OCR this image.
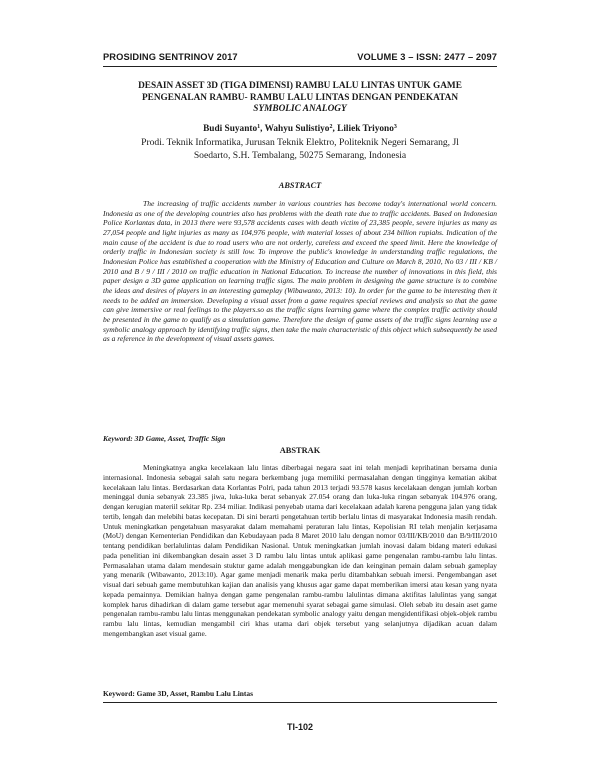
PROSIDING SENTRINOV 2017	VOLUME 3 – ISSN: 2477 – 2097
DESAIN ASSET 3D (TIGA DIMENSI) RAMBU LALU LINTAS UNTUK GAME
PENGENALAN RAMBU- RAMBU LALU LINTAS DENGAN PENDEKATAN
SYMBOLIC ANALOGY
Budi Suyanto$^1$, Wahyu Sulistiyo$^2$, Liliek Triyono$^3$
Prodi. Teknik Informatika, Jurusan Teknik Elektro, Politeknik Negeri Semarang, Jl
Soedarto, S.H. Tembalang, 50275 Semarang, Indonesia
ABSTRACT
The increasing of traffic accidents number in various countries has become today's international world concern. Indonesia as one of the developing countries also has problems with the death rate due to traffic accidents. Based on Indonesian Police Korlantas data, in 2013 there were 93,578 accidents cases with death victim of 23,385 people, severe injuries as many as 27,054 people and light injuries as many as 104,976 people, with material losses of about 234 billion rupiahs. Indication of the main cause of the accident is due to road users who are not orderly, careless and exceed the speed limit. Here the knowledge of orderly traffic in Indonesian society is still low. To improve the public's knowledge in understanding traffic regulations, the Indonesian Police has established a cooperation with the Ministry of Education and Culture on March 8, 2010, No 03 / III / KB / 2010 and B / 9 / III / 2010 on traffic education in National Education. To increase the number of innovations in this field, this paper design a 3D game application on learning traffic signs. The main problem in designing the game structure is to combine the ideas and desires of players in an interesting gameplay (Wibawanto, 2013: 10). In order for the game to be interesting then it needs to be added an immersion. Developing a visual asset from a game requires special reviews and analysis so that the game can give immersive or real feelings to the players.so as the traffic signs learning game where the complex traffic activity should be presented in the game to qualify as a simulation game. Therefore the design of game assets of the traffic signs learning use a symbolic analogy approach by identifying traffic signs, then take the main characteristic of this object which subsequently be used as a reference in the development of visual assets games.
Keyword: 3D Game, Asset, Traffic Sign
ABSTRAK
Meningkatnya angka kecelakaan lalu lintas diberbagai negara saat ini telah menjadi keprihatinan bersama dunia internasional. Indonesia sebagai salah satu negara berkembang juga memiliki permasalahan dengan tingginya kematian akibat kecelakaan lalu lintas. Berdasarkan data Korlantas Polri, pada tahun 2013 terjadi 93.578 kasus kecelakaan dengan jumlah korban meninggal dunia sebanyak 23.385 jiwa, luka-luka berat sebanyak 27.054 orang dan luka-luka ringan sebanyak 104.976 orang, dengan kerugian materiil sekitar Rp. 234 miliar. Indikasi penyebab utama dari kecelakaan adalah karena pengguna jalan yang tidak tertib, lengah dan melebihi batas kecepatan. Di sini berarti pengetahuan tertib berlalu lintas di masyarakat Indonesia masih rendah. Untuk meningkatkan pengetahuan masyarakat dalam memahami peraturan lalu lintas, Kepolisian RI telah menjalin kerjasama (MoU) dengan Kementerian Pendidikan dan Kebudayaan pada 8 Maret 2010 lalu dengan nomor 03/III/KB/2010 dan B/9/III/2010 tentang pendidikan berlalulintas dalam Pendidikan Nasional. Untuk meningkatkan jumlah inovasi dalam bidang materi edukasi pada penelitian ini dikembangkan desain asset 3 D rambu lalu lintas untuk aplikasi game pengenalan rambu-rambu lalu lintas. Permasalahan utama dalam mendesain stuktur game adalah menggabungkan ide dan keinginan pemain dalam sebuah gameplay yang menarik (Wibawanto, 2013:10). Agar game menjadi menarik maka perlu ditambahkan sebuah imersi. Pengembangan aset visual dari sebuah game membutuhkan kajian dan analisis yang khusus agar game dapat memberikan imersi atau kesan yang nyata kepada pemainnya. Demikian halnya dengan game pengenalan rambu-rambu lalulintas dimana aktifitas lalulintas yang sangat komplek harus dihadirkan di dalam game tersebut agar memenuhi syarat sebagai game simulasi. Oleh sebab itu desain aset game pengenalan rambu-rambu lalu lintas menggunakan pendekatan symbolic analogy yaitu dengan mengidentifikasi objek-objek rambu rambu lalu lintas, kemudian mengambil ciri khas utama dari objek tersebut yang selanjutnya dijadikan acuan dalam mengembangkan aset visual game.
Keyword: Game 3D, Asset, Rambu Lalu Lintas
TI-102
